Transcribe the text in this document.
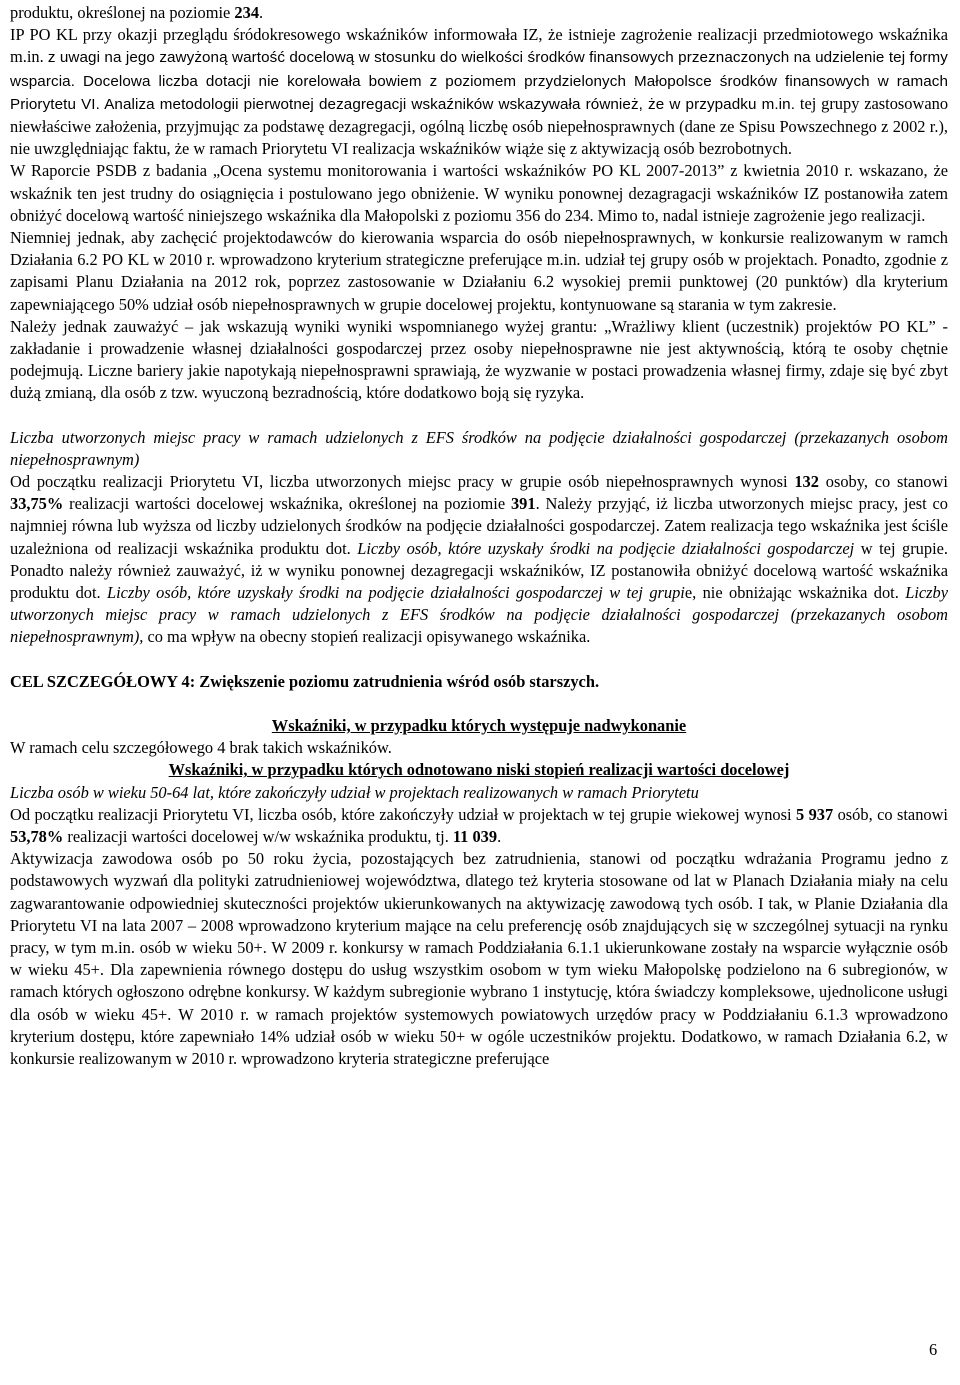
produktu, określonej na poziomie 234.

IP PO KL przy okazji przeglądu śródokresowego wskaźników informowała IZ, że istnieje zagrożenie realizacji przedmiotowego wskaźnika m.in. z uwagi na jego zawyżoną wartość docelową w stosunku do wielkości środków finansowych przeznaczonych na udzielenie tej formy wsparcia. Docelowa liczba dotacji nie korelowała bowiem z poziomem przydzielonych Małopolsce środków finansowych w ramach Priorytetu VI. Analiza metodologii pierwotnej dezagregacji wskaźników wskazywała również, że w przypadku m.in. tej grupy zastosowano niewłaściwe założenia, przyjmując za podstawę dezagregacji, ogólną liczbę osób niepełnosprawnych (dane ze Spisu Powszechnego z 2002 r.), nie uwzględniając faktu, że w ramach Priorytetu VI realizacja wskaźników wiąże się z aktywizacją osób bezrobotnych.

W Raporcie PSDB z badania „Ocena systemu monitorowania i wartości wskaźników PO KL 2007-2013” z kwietnia 2010 r. wskazano, że wskaźnik ten jest trudny do osiągnięcia i postulowano jego obniżenie. W wyniku ponownej dezagragacji wskaźników IZ postanowiła zatem obniżyć docelową wartość niniejszego wskaźnika dla Małopolski z poziomu 356 do 234. Mimo to, nadal istnieje zagrożenie jego realizacji.

Niemniej jednak, aby zachęcić projektodawców do kierowania wsparcia do osób niepełnosprawnych, w konkursie realizowanym w ramch Działania 6.2 PO KL w 2010 r. wprowadzono kryterium strategiczne preferujące m.in. udział tej grupy osób w projektach. Ponadto, zgodnie z zapisami Planu Działania na 2012 rok, poprzez zastosowanie w Działaniu 6.2 wysokiej premii punktowej (20 punktów) dla kryterium zapewniającego 50% udział osób niepełnosprawnych w grupie docelowej projektu, kontynuowane są starania w tym zakresie.

Należy jednak zauważyć – jak wskazują wyniki wyniki wspomnianego wyżej grantu: „Wrażliwy klient (uczestnik) projektów PO KL” - zakładanie i prowadzenie własnej działalności gospodarczej przez osoby niepełnosprawne nie jest aktywnością, którą te osoby chętnie podejmują. Liczne bariery jakie napotykają niepełnosprawni sprawiają, że wyzwanie w postaci prowadzenia własnej firmy, zdaje się być zbyt dużą zmianą, dla osób z tzw. wyuczoną bezradnością, które dodatkowo boją się ryzyka.

Liczba utworzonych miejsc pracy w ramach udzielonych z EFS środków na podjęcie działalności gospodarczej (przekazanych osobom niepełnosprawnym)

Od początku realizacji Priorytetu VI, liczba utworzonych miejsc pracy w grupie osób niepełnosprawnych wynosi 132 osoby, co stanowi 33,75% realizacji wartości docelowej wskaźnika, określonej na poziomie 391. Należy przyjąć, iż liczba utworzonych miejsc pracy, jest co najmniej równa lub wyższa od liczby udzielonych środków na podjęcie działalności gospodarczej. Zatem realizacja tego wskaźnika jest ściśle uzależniona od realizacji wskaźnika produktu dot. Liczby osób, które uzyskały środki na podjęcie działalności gospodarczej w tej grupie. Ponadto należy również zauważyć, iż w wyniku ponownej dezagregacji wskaźników, IZ postanowiła obniżyć docelową wartość wskaźnika produktu dot. Liczby osób, które uzyskały środki na podjęcie działalności gospodarczej w tej grupie, nie obniżając wskażnika dot. Liczby utworzonych miejsc pracy w ramach udzielonych z EFS środków na podjęcie działalności gospodarczej (przekazanych osobom niepełnosprawnym), co ma wpływ na obecny stopień realizacji opisywanego wskaźnika.

CEL SZCZEGÓŁOWY 4: Zwiększenie poziomu zatrudnienia wśród osób starszych.

Wskaźniki, w przypadku których występuje nadwykonanie

W ramach celu szczegółowego 4 brak takich wskaźników.

Wskaźniki, w przypadku których odnotowano niski stopień realizacji wartości docelowej

Liczba osób w wieku 50-64 lat, które zakończyły udział w projektach realizowanych w ramach Priorytetu

Od początku realizacji Priorytetu VI, liczba osób, które zakończyły udział w projektach w tej grupie wiekowej wynosi 5 937 osób, co stanowi 53,78% realizacji wartości docelowej w/w wskaźnika produktu, tj. 11 039.

Aktywizacja zawodowa osób po 50 roku życia, pozostających bez zatrudnienia, stanowi od początku wdrażania Programu jedno z podstawowych wyzwań dla polityki zatrudnieniowej województwa, dlatego też kryteria stosowane od lat w Planach Działania miały na celu zagwarantowanie odpowiedniej skuteczności projektów ukierunkowanych na aktywizację zawodową tych osób. I tak, w Planie Działania dla Priorytetu VI na lata 2007 – 2008 wprowadzono kryterium mające na celu preferencję osób znajdujących się w szczególnej sytuacji na rynku pracy, w tym m.in. osób w wieku 50+. W 2009 r. konkursy w ramach Poddziałania 6.1.1 ukierunkowane zostały na wsparcie wyłącznie osób w wieku 45+. Dla zapewnienia równego dostępu do usług wszystkim osobom w tym wieku Małopolskę podzielono na 6 subregionów, w ramach których ogłoszono odrębne konkursy. W każdym subregionie wybrano 1 instytucję, która świadczy kompleksowe, ujednolicone usługi dla osób w wieku 45+. W 2010 r. w ramach projektów systemowych powiatowych urzędów pracy w Poddziałaniu 6.1.3 wprowadzono kryterium dostępu, które zapewniało 14% udział osób w wieku 50+ w ogóle uczestników projektu. Dodatkowo, w ramach Działania 6.2, w konkursie realizowanym w 2010 r. wprowadzono kryteria strategiczne preferujące

6
